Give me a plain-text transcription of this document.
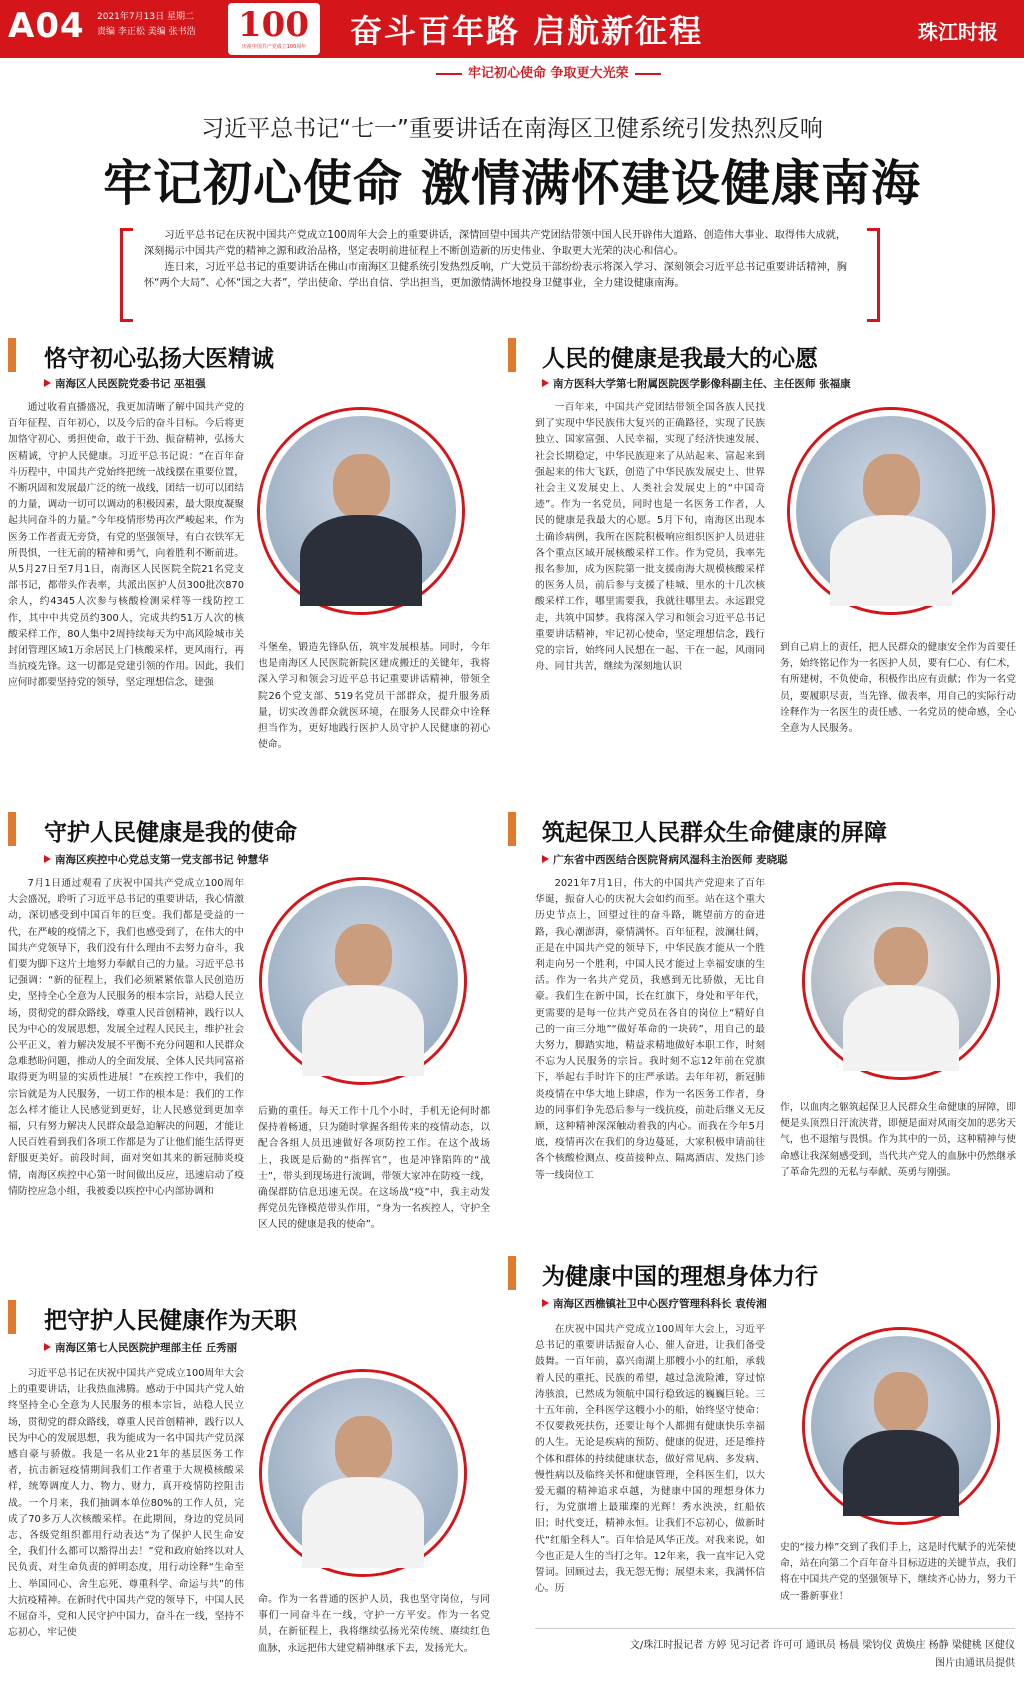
A04 2021年7月13日 星期二
责编 李正松 美编 张书浩 100
庆祝中国共产党成立100周年	奋斗百年路 启航新征程	珠江时报
牢记初心使命 争取更大光荣
习近平总书记“七一”重要讲话在南海区卫健系统引发热烈反响
牢记初心使命 激情满怀建设健康南海

习近平总书记在庆祝中国共产党成立100周年大会上的重要讲话，深情回望中国共产党团结带领中国人民开辟伟大道路、创造伟大事业、取得伟大成就，深刻揭示中国共产党的精神之源和政治品格，坚定表明前进征程上不断创造新的历史伟业、争取更大光荣的决心和信心。

连日来，习近平总书记的重要讲话在佛山市南海区卫健系统引发热烈反响，广大党员干部纷纷表示将深入学习、深刻领会习近平总书记重要讲话精神，胸怀“两个大局”、心怀“国之大者”，学出使命、学出自信、学出担当，更加激情满怀地投身卫健事业，全力建设健康南海。

恪守初心弘扬大医精诚
南海区人民医院党委书记 巫祖强

通过收看直播盛况，我更加清晰了解中国共产党的百年征程、百年初心，以及今后的奋斗目标。今后将更加恪守初心、勇担使命，敢于干劲、振奋精神，弘扬大医精诚，守护人民健康。习近平总书记说：“在百年奋斗历程中，中国共产党始终把统一战线摆在重要位置，不断巩固和发展最广泛的统一战线，团结一切可以团结的力量，调动一切可以调动的积极因素，最大限度凝聚起共同奋斗的力量。”今年疫情形势再次严峻起来，作为医务工作者责无旁贷，有党的坚强领导，有白衣铁军无所畏惧，一往无前的精神和勇气，向着胜利不断前进。从5月27日至7月1日，南海区人民医院全院21名党支部书记，都带头作表率，共派出医护人员300批次870余人，约4345人次参与核酸检测采样等一线防控工作，其中中共党员约300人，完成共约51万人次的核酸采样工作，80人集中2周持续每天为中高风险城市关封闭管理区域1万余居民上门核酸采样，更风雨行，再当抗疫先锋。这一切都是党建引领的作用。因此，我们应何时都要坚持党的领导，坚定理想信念，建强

斗堡垒，锻造先锋队伍，筑牢发展根基。同时，今年也是南海区人民医院新院区建成搬迁的关键年，我将深入学习和领会习近平总书记重要讲话精神，带领全院26个党支部、519名党员干部群众，提升服务质量，切实改善群众就医环境，在服务人民群众中诠释担当作为，更好地践行医护人员守护人民健康的初心使命。

人民的健康是我最大的心愿
南方医科大学第七附属医院医学影像科副主任、主任医师 张福康

一百年来，中国共产党团结带领全国各族人民找到了实现中华民族伟大复兴的正确路径，实现了民族独立、国家富强、人民幸福，实现了经济快速发展、社会长期稳定，中华民族迎来了从站起来、富起来到强起来的伟大飞跃，创造了中华民族发展史上、世界社会主义发展史上、人类社会发展史上的“中国奇迹”。作为一名党员，同时也是一名医务工作者，人民的健康是我最大的心愿。5月下旬，南海区出现本土确诊病例，我所在医院积极响应组织医护人员进驻各个重点区域开展核酸采样工作。作为党员，我率先报名参加，成为医院第一批支援南海大规模核酸采样的医务人员，前后参与支援了桂城、里水的十几次核酸采样工作，哪里需要我，我就往哪里去。永远跟党走，共筑中国梦。我将深入学习和领会习近平总书记重要讲话精神，牢记初心使命，坚定理想信念，践行党的宗旨，始终同人民想在一起、干在一起，风雨同舟、同甘共苦，继续为深刻地认识

到自己肩上的责任，把人民群众的健康安全作为首要任务，始终铭记作为一名医护人员，要有仁心、有仁术，有所建树，不负使命，积极作出应有贡献；作为一名党员，要履职尽责，当先锋、做表率，用自己的实际行动诠释作为一名医生的责任感、一名党员的使命感，全心全意为人民服务。

守护人民健康是我的使命
南海区疾控中心党总支第一党支部书记 钟慧华

7月1日通过观看了庆祝中国共产党成立100周年大会盛况，聆听了习近平总书记的重要讲话，我心情激动，深切感受到中国百年的巨变。我们都是受益的一代，在严峻的疫情之下，我们也感受到了，在伟大的中国共产党领导下，我们没有什么理由不去努力奋斗，我们要为脚下这片土地努力奉献自己的力量。习近平总书记强调：“新的征程上，我们必须紧紧依靠人民创造历史，坚持全心全意为人民服务的根本宗旨，站稳人民立场，贯彻党的群众路线，尊重人民首创精神，践行以人民为中心的发展思想，发展全过程人民民主，维护社会公平正义，着力解决发展不平衡不充分问题和人民群众急难愁盼问题，推动人的全面发展、全体人民共同富裕取得更为明显的实质性进展！”在疾控工作中，我们的宗旨就是为人民服务，一切工作的根本是：我们的工作怎么样才能让人民感觉到更好，让人民感觉到更加幸福，只有努力解决人民群众最急迫解决的问题，才能让人民百姓看到我们各项工作都是为了让他们能生活得更舒服更美好。前段时间，面对突如其来的新冠肺炎疫情，南海区疾控中心第一时间做出反应，迅速启动了疫情防控应急小组，我被委以疾控中心内部协调和

后勤的重任。每天工作十几个小时，手机无论何时都保持着畅通，只为随时掌握各组传来的疫情动态，以配合各组人员迅速做好各项防控工作。在这个战场上，我既是后勤的“指挥官”，也是冲锋陷阵的“战士”，带头到现场进行流调，带领大家冲在防疫一线，确保群防信息迅速无误。在这场战“疫”中，我主动发挥党员先锋模范带头作用，“身为一名疾控人，守护全区人民的健康是我的使命”。

筑起保卫人民群众生命健康的屏障
广东省中西医结合医院肾病风湿科主治医师 麦晓聪

2021年7月1日，伟大的中国共产党迎来了百年华诞，振奋人心的庆祝大会如约而至。站在这个重大历史节点上，回望过往的奋斗路，眺望前方的奋进路，我心潮澎湃，豪情满怀。百年征程，波澜壮阔，正是在中国共产党的领导下，中华民族才能从一个胜利走向另一个胜利，中国人民才能过上幸福安康的生活。作为一名共产党员，我感到无比骄傲，无比自豪。我们生在新中国，长在红旗下，身处和平年代，更需要的是每一位共产党员在各自的岗位上“精好自己的一亩三分地”“做好革命的一块砖”，用自己的最大努力，脚踏实地，精益求精地做好本职工作，时刻不忘为人民服务的宗旨。我时刻不忘12年前在党旗下，举起右手时许下的庄严承诺。去年年初，新冠肺炎疫情在中华大地上肆虐，作为一名医务工作者，身边的同事们争先恐后参与一线抗疫，前赴后继义无反顾，这种精神深深触动着我的内心。而我在今年5月底，疫情再次在我们的身边蔓延，大家积极申请前往各个核酸检测点、疫苗接种点、隔离酒店、发热门诊等一线岗位工

作，以血肉之躯筑起保卫人民群众生命健康的屏障，即便是头顶烈日汗流浃背，即便是面对风雨交加的恶劣天气，也不退缩与畏惧。作为其中的一员，这种精神与使命感让我深刻感受到，当代共产党人的血脉中仍然继承了革命先烈的无私与奉献、英勇与刚强。

把守护人民健康作为天职
南海区第七人民医院护理部主任 丘秀丽

习近平总书记在庆祝中国共产党成立100周年大会上的重要讲话，让我热血沸腾。感动于中国共产党人始终坚持全心全意为人民服务的根本宗旨，站稳人民立场，贯彻党的群众路线，尊重人民首创精神，践行以人民为中心的发展思想，我为能成为一名中国共产党员深感自豪与骄傲。我是一名从业21年的基层医务工作者，抗击新冠疫情期间我们工作者重于大规模核酸采样，统筹调度人力、物力、财力，真开疫情防控阻击战。一个月来，我们抽调本单位80%的工作人员，完成了70多万人次核酸采样。在此期间，身边的党员同志、各级党组织都用行动表达“为了保护人民生命安全，我们什么都可以豁得出去！”党和政府始终以对人民负责、对生命负责的鲜明态度，用行动诠释“生命至上、举国同心、舍生忘死、尊重科学、命运与共”的伟大抗疫精神。在新时代中国共产党的领导下，中国人民不屈奋斗，党和人民守护中国力，奋斗在一线，坚持不忘初心，牢记使

命。作为一名普通的医护人员，我也坚守岗位，与同事们一同奋斗在一线，守护一方平安。作为一名党员，在新征程上，我将继续弘扬光荣传统、赓续红色血脉，永远把伟大建党精神继承下去，发扬光大。

为健康中国的理想身体力行
南海区西樵镇社卫中心医疗管理科科长 袁传湘

在庆祝中国共产党成立100周年大会上，习近平总书记的重要讲话振奋人心、催人奋进，让我们备受鼓舞。一百年前，嘉兴南湖上那艘小小的红船，承载着人民的重托、民族的希望，越过急流险滩，穿过惊涛骇浪，已然成为领航中国行稳致远的巍巍巨轮。三十五年前，全科医学这艘小小的船，始终坚守使命：不仅要救死扶伤，还要让每个人都拥有健康快乐幸福的人生。无论是疾病的预防、健康的促进，还是维持个体和群体的持续健康状态，做好常见病、多发病、慢性病以及临终关怀和健康管理，全科医生们，以大爱无疆的精神追求卓越，为健康中国的理想身体力行，为党旗增上最璀璨的光辉！秀水泱泱，红船依旧；时代变迁，精神永恒。让我们不忘初心，做新时代“红船全科人”。百年恰是风华正茂。对我来说，如今也正是人生的当打之年。12年来，我一直牢记入党誓词。回顾过去，我无怨无悔；展望未来，我满怀信心。历

史的“接力棒”交到了我们手上，这是时代赋予的光荣使命，站在向第二个百年奋斗目标迈进的关键节点，我们将在中国共产党的坚强领导下，继续齐心协力，努力干成一番新事业！

文/珠江时报记者 方婷 见习记者 许可可 通讯员 杨晨 梁钧仪 黄焕庄 杨静 梁健桃 区健仪
图片由通讯员提供
